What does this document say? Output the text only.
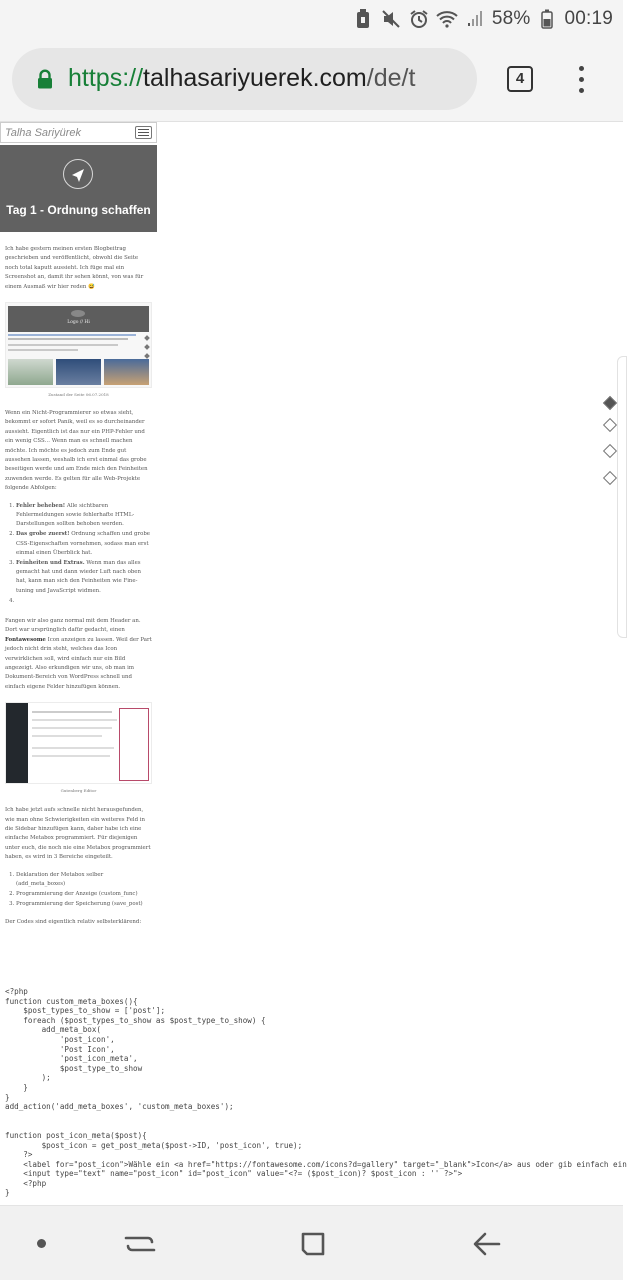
58% 00:19
https://talhasariyuerek.com/de/t	4
Talha Sariyürek
Tag 1 - Ordnung schaffen

Ich habe gestern meinen ersten Blogbeitrag geschrieben und veröffentlicht, obwohl die Seite noch total kaputt aussieht. Ich füge mal ein Screenshot an, damit ihr sehen könnt, von was für einem Ausmaß wir hier reden 😅

Logo // Hi
Zustand der Seite 06.07.2018

Wenn ein Nicht-Programmierer so etwas sieht, bekommt er sofort Panik, weil es so durcheinander aussieht. Eigentlich ist das nur ein PHP-Fehler und ein wenig CSS… Wenn man es schnell machen möchte. Ich möchte es jedoch zum Ende gut aussehen lassen, weshalb ich erst einmal das grobe beseitigen werde und am Ende mich den Feinheiten zuwenden werde. Es gelten für alle Web-Projekte folgende Abfolgen:

1. Fehler beheben! Alle sichtbaren Fehlermeldungen sowie fehlerhafte HTML-Darstellungen sollten behoben werden.
2. Das grobe zuerst! Ordnung schaffen und grobe CSS-Eigenschaften vornehmen, sodass man erst einmal einen Überblick hat.
3. Feinheiten und Extras. Wenn man das alles gemacht hat und dann wieder Luft nach oben hat, kann man sich den Feinheiten wie Fine-tuning und JavaScript widmen.
4.

Fangen wir also ganz normal mit dem Header an. Dort war ursprünglich dafür gedacht, einen Fontawesome Icon anzeigen zu lassen. Weil der Part jedoch nicht drin steht, welches das Icon verwirklichen soll, wird einfach nur ein Bild angezeigt. Also erkundigen wir uns, ob man im Dokument-Bereich von WordPress schnell und einfach eigene Felder hinzufügen können.

Gutenberg Editor

Ich habe jetzt aufs schnelle nicht herausgefunden, wie man ohne Schwierigkeiten ein weiteres Feld in die Sidebar hinzufügen kann, daher habe ich eine einfache Metabox programmiert. Für diejenigen unter euch, die noch nie eine Metabox programmiert haben, es wird in 3 Bereiche eingeteilt.

1. Deklaration der Metabox selber (add_meta_boxes)
2. Programmierung der Anzeige (custom_func)
3. Programmierung der Speicherung (save_post)

Der Codes sind eigentlich relativ selbsterklärend:

<?php
function custom_meta_boxes(){
$post_types_to_show = ['post'];
foreach ($post_types_to_show as $post_type_to_show) {
add_meta_box(
'post_icon',
'Post Icon',
'post_icon_meta',
$post_type_to_show
);
}
}
add_action('add_meta_boxes', 'custom_meta_boxes');

function post_icon_meta($post){
$post_icon = get_post_meta($post->ID, 'post_icon', true);
?>
<label for="post_icon">Wähle ein <a href="https://fontawesome.com/icons?d=gallery" target="_blank">Icon</a> aus oder gib einfach ein
<input type="text" name="post_icon" id="post_icon" value="<?= ($post_icon)? $post_icon : '' ?>">
<?php
}
